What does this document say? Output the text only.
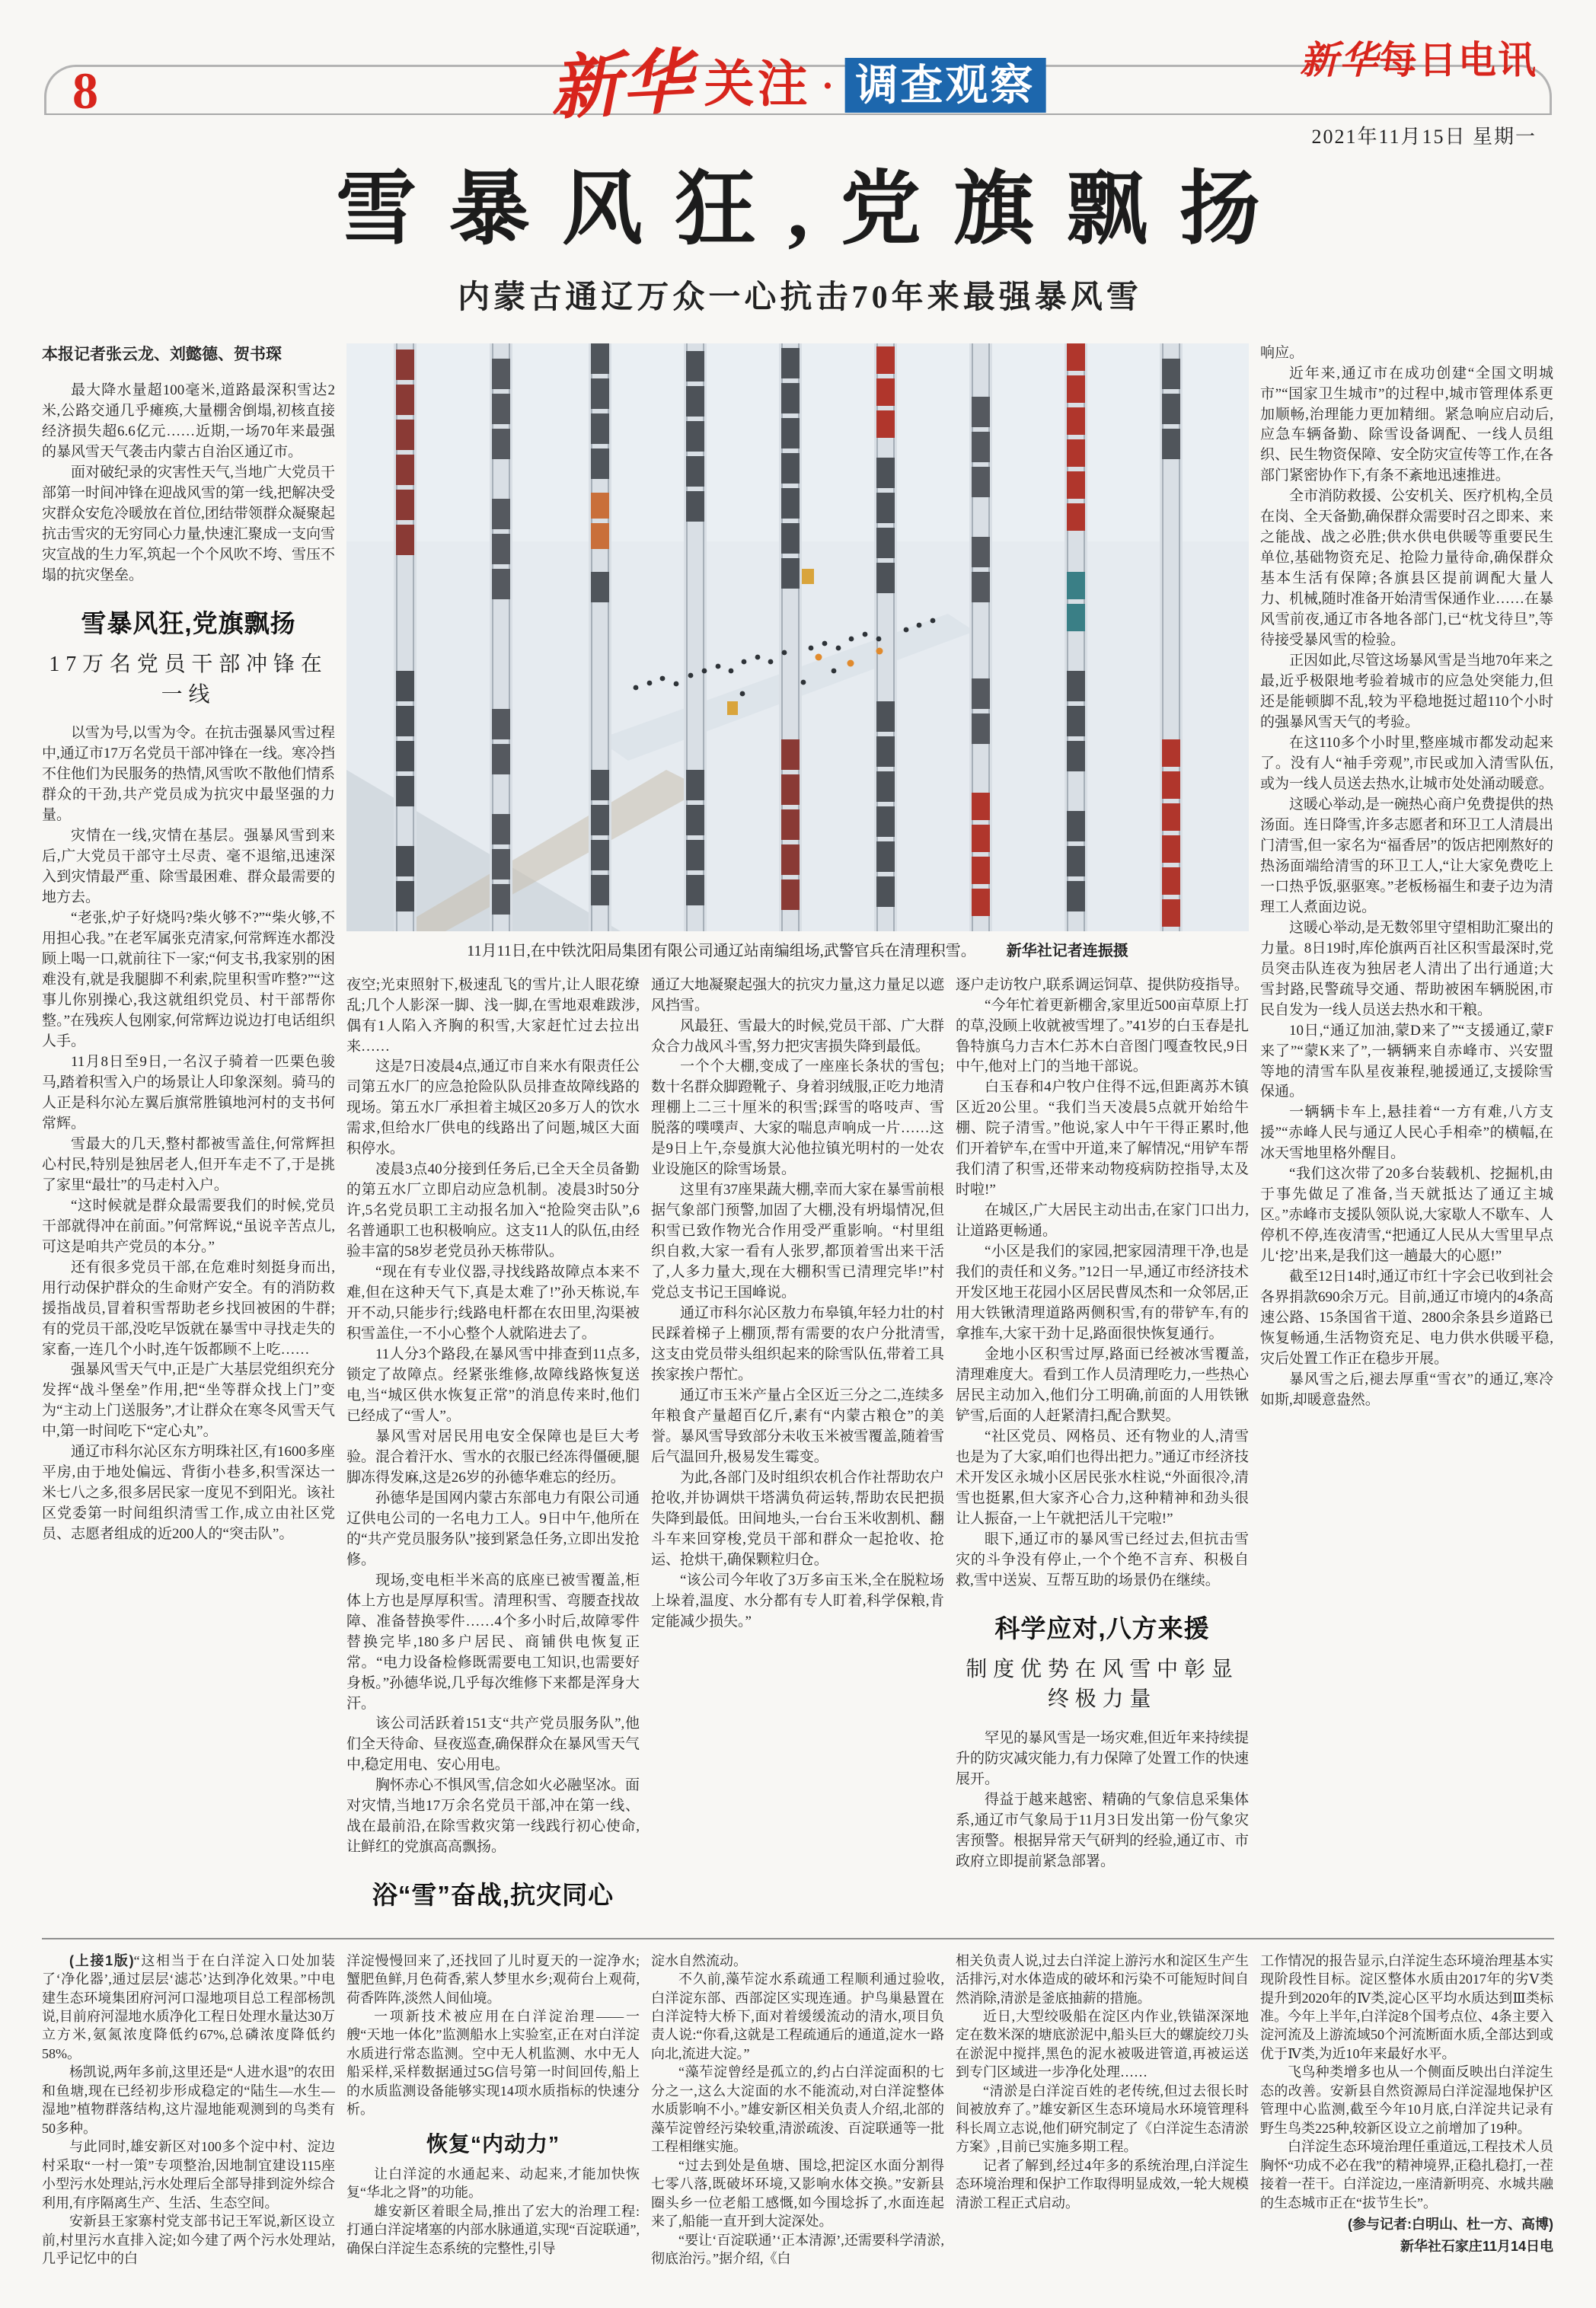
8	新华 关注 · 调查观察
新华每日电讯
2021年11月15日 星期一
雪暴风狂,党旗飘扬
内蒙古通辽万众一心抗击70年来最强暴风雪
本报记者张云龙、刘懿德、贺书琛
最大降水量超100毫米,道路最深积雪达2米,公路交通几乎瘫痪,大量棚舍倒塌,初核直接经济损失超6.6亿元……近期,一场70年来最强的暴风雪天气袭击内蒙古自治区通辽市。
面对破纪录的灾害性天气,当地广大党员干部第一时间冲锋在迎战风雪的第一线,把解决受灾群众安危冷暖放在首位,团结带领群众凝聚起抗击雪灾的无穷同心力量,快速汇聚成一支向雪灾宣战的生力军,筑起一个个风吹不垮、雪压不塌的抗灾堡垒。
雪暴风狂,党旗飘扬
17万名党员干部冲锋在一线
以雪为号,以雪为令。在抗击强暴风雪过程中,通辽市17万名党员干部冲锋在一线。寒冷挡不住他们为民服务的热情,风雪吹不散他们情系群众的干劲,共产党员成为抗灾中最坚强的力量。
灾情在一线,灾情在基层。强暴风雪到来后,广大党员干部守土尽责、毫不退缩,迅速深入到灾情最严重、除雪最困难、群众最需要的地方去。
“老张,炉子好烧吗?柴火够不?”“柴火够,不用担心我。”在老军属张克清家,何常辉连水都没顾上喝一口,就前往下一家;“何支书,我家别的困难没有,就是我腿脚不利索,院里积雪咋整?”“这事儿你别操心,我这就组织党员、村干部帮你整。”在残疾人包刚家,何常辉边说边打电话组织人手。
11月8日至9日,一名汉子骑着一匹栗色骏马,踏着积雪入户的场景让人印象深刻。骑马的人正是科尔沁左翼后旗常胜镇地河村的支书何常辉。
雪最大的几天,整村都被雪盖住,何常辉担心村民,特别是独居老人,但开车走不了,于是挑了家里“最壮”的马走村入户。
“这时候就是群众最需要我们的时候,党员干部就得冲在前面。”何常辉说,“虽说辛苦点儿,可这是咱共产党员的本分。”
还有很多党员干部,在危难时刻挺身而出,用行动保护群众的生命财产安全。有的消防救援指战员,冒着积雪帮助老乡找回被困的牛群;有的党员干部,没吃早饭就在暴雪中寻找走失的家畜,一连几个小时,连午饭都顾不上吃……
强暴风雪天气中,正是广大基层党组织充分发挥“战斗堡垒”作用,把“坐等群众找上门”变为“主动上门送服务”,才让群众在寒冬风雪天气中,第一时间吃下“定心丸”。
通辽市科尔沁区东方明珠社区,有1600多座平房,由于地处偏远、背街小巷多,积雪深达一米七八之多,很多居民家一度见不到阳光。该社区党委第一时间组织清雪工作,成立由社区党员、志愿者组成的近200人的“突击队”。
11月11日,在中铁沈阳局集团有限公司通辽站南编组场,武警官兵在清理积雪。 新华社记者连振摄
夜空;光束照射下,极速乱飞的雪片,让人眼花缭乱;几个人影深一脚、浅一脚,在雪地艰难跋涉,偶有1人陷入齐胸的积雪,大家赶忙过去拉出来……
这是7日凌晨4点,通辽市自来水有限责任公司第五水厂的应急抢险队队员排查故障线路的现场。第五水厂承担着主城区20多万人的饮水需求,但给水厂供电的线路出了问题,城区大面积停水。
凌晨3点40分接到任务后,已全天全员备勤的第五水厂立即启动应急机制。凌晨3时50分许,5名党员职工主动报名加入“抢险突击队”,6名普通职工也积极响应。这支11人的队伍,由经验丰富的58岁老党员孙天栋带队。
“现在有专业仪器,寻找线路故障点本来不难,但在这种天气下,真是太难了!”孙天栋说,车开不动,只能步行;线路电杆都在农田里,沟渠被积雪盖住,一不小心整个人就陷进去了。
11人分3个路段,在暴风雪中排查到11点多,锁定了故障点。经紧张维修,故障线路恢复送电,当“城区供水恢复正常”的消息传来时,他们已经成了“雪人”。
暴风雪对居民用电安全保障也是巨大考验。混合着汗水、雪水的衣服已经冻得僵硬,腿脚冻得发麻,这是26岁的孙德华难忘的经历。
孙德华是国网内蒙古东部电力有限公司通辽供电公司的一名电力工人。9日中午,他所在的“共产党员服务队”接到紧急任务,立即出发抢修。
现场,变电柜半米高的底座已被雪覆盖,柜体上方也是厚厚积雪。清理积雪、弯腰查找故障、准备替换零件……4个多小时后,故障零件替换完毕,180多户居民、商铺供电恢复正常。“电力设备检修既需要电工知识,也需要好身板。”孙德华说,几乎每次维修下来都是浑身大汗。
该公司活跃着151支“共产党员服务队”,他们全天待命、昼夜巡查,确保群众在暴风雪天气中,稳定用电、安心用电。
胸怀赤心不惧风雪,信念如火必融坚冰。面对灾情,当地17万余名党员干部,冲在第一线、战在最前沿,在除雪救灾第一线践行初心使命,让鲜红的党旗高高飘扬。
浴“雪”奋战,抗灾同心
通辽大地凝聚起强大的抗灾力量,这力量足以遮风挡雪。
风最狂、雪最大的时候,党员干部、广大群众合力战风斗雪,努力把灾害损失降到最低。
一个个大棚,变成了一座座长条状的雪包;数十名群众脚蹬靴子、身着羽绒服,正吃力地清理棚上二三十厘米的积雪;踩雪的咯吱声、雪脱落的噗噗声、大家的喘息声响成一片……这是9日上午,奈曼旗大沁他拉镇光明村的一处农业设施区的除雪场景。
这里有37座果蔬大棚,幸而大家在暴雪前根据气象部门预警,加固了大棚,没有坍塌情况,但积雪已致作物光合作用受严重影响。“村里组织自救,大家一看有人张罗,都顶着雪出来干活了,人多力量大,现在大棚积雪已清理完毕!”村党总支书记王国峰说。
通辽市科尔沁区敖力布皋镇,年轻力壮的村民踩着梯子上棚顶,帮有需要的农户分批清雪,这支由党员带头组织起来的除雪队伍,带着工具挨家挨户帮忙。
通辽市玉米产量占全区近三分之二,连续多年粮食产量超百亿斤,素有“内蒙古粮仓”的美誉。暴风雪导致部分未收玉米被雪覆盖,随着雪后气温回升,极易发生霉变。
为此,各部门及时组织农机合作社帮助农户抢收,并协调烘干塔满负荷运转,帮助农民把损失降到最低。田间地头,一台台玉米收割机、翻斗车来回穿梭,党员干部和群众一起抢收、抢运、抢烘干,确保颗粒归仓。
“该公司今年收了3万多亩玉米,全在脱粒场上垛着,温度、水分都有专人盯着,科学保粮,肯定能减少损失。”
逐户走访牧户,联系调运饲草、提供防疫指导。
“今年忙着更新棚舍,家里近500亩草原上打的草,没顾上收就被雪埋了。”41岁的白玉春是扎鲁特旗乌力吉木仁苏木白音图门嘎查牧民,9日中午,他对上门的当地干部说。
白玉春和4户牧户住得不远,但距离苏木镇区近20公里。“我们当天凌晨5点就开始给牛棚、院子清雪。”他说,家人中午干得正累时,他们开着铲车,在雪中开道,来了解情况,“用铲车帮我们清了积雪,还带来动物疫病防控指导,太及时啦!”
在城区,广大居民主动出击,在家门口出力,让道路更畅通。
“小区是我们的家园,把家园清理干净,也是我们的责任和义务。”12日一早,通辽市经济技术开发区地王花园小区居民曹凤杰和一众邻居,正用大铁锹清理道路两侧积雪,有的带铲车,有的拿推车,大家干劲十足,路面很快恢复通行。
金地小区积雪过厚,路面已经被冰雪覆盖,清理难度大。看到工作人员清理吃力,一些热心居民主动加入,他们分工明确,前面的人用铁锹铲雪,后面的人赶紧清扫,配合默契。
“社区党员、网格员、还有物业的人,清雪也是为了大家,咱们也得出把力。”通辽市经济技术开发区永城小区居民张水柱说,“外面很冷,清雪也挺累,但大家齐心合力,这种精神和劲头很让人振奋,一上午就把活儿干完啦!”
眼下,通辽市的暴风雪已经过去,但抗击雪灾的斗争没有停止,一个个绝不言弃、积极自救,雪中送炭、互帮互助的场景仍在继续。
科学应对,八方来援
制度优势在风雪中彰显终极力量
罕见的暴风雪是一场灾难,但近年来持续提升的防灾减灾能力,有力保障了处置工作的快速展开。
得益于越来越密、精确的气象信息采集体系,通辽市气象局于11月3日发出第一份气象灾害预警。根据异常天气研判的经验,通辽市、市政府立即提前紧急部署。
响应。
近年来,通辽市在成功创建“全国文明城市”“国家卫生城市”的过程中,城市管理体系更加顺畅,治理能力更加精细。紧急响应启动后,应急车辆备勤、除雪设备调配、一线人员组织、民生物资保障、安全防灾宣传等工作,在各部门紧密协作下,有条不紊地迅速推进。
全市消防救援、公安机关、医疗机构,全员在岗、全天备勤,确保群众需要时召之即来、来之能战、战之必胜;供水供电供暖等重要民生单位,基础物资充足、抢险力量待命,确保群众基本生活有保障;各旗县区提前调配大量人力、机械,随时准备开始清雪保通作业……在暴风雪前夜,通辽市各地各部门,已“枕戈待旦”,等待接受暴风雪的检验。
正因如此,尽管这场暴风雪是当地70年来之最,近乎极限地考验着城市的应急处突能力,但还是能顿脚不乱,较为平稳地挺过超110个小时的强暴风雪天气的考验。
在这110多个小时里,整座城市都发动起来了。没有人“袖手旁观”,市民或加入清雪队伍,或为一线人员送去热水,让城市处处涌动暖意。
这暖心举动,是一碗热心商户免费提供的热汤面。连日降雪,许多志愿者和环卫工人清晨出门清雪,但一家名为“福香居”的饭店把刚熬好的热汤面端给清雪的环卫工人,“让大家免费吃上一口热乎饭,驱驱寒。”老板杨福生和妻子边为清理工人煮面边说。
这暖心举动,是无数邻里守望相助汇聚出的力量。8日19时,库伦旗两百社区积雪最深时,党员突击队连夜为独居老人清出了出行通道;大雪封路,民警疏导交通、帮助被困车辆脱困,市民自发为一线人员送去热水和干粮。
10日,“通辽加油,蒙D来了”“支援通辽,蒙F来了”“蒙K来了”,一辆辆来自赤峰市、兴安盟等地的清雪车队星夜兼程,驰援通辽,支援除雪保通。
一辆辆卡车上,悬挂着“一方有难,八方支援”“赤峰人民与通辽人民心手相牵”的横幅,在冰天雪地里格外醒目。
“我们这次带了20多台装载机、挖掘机,由于事先做足了准备,当天就抵达了通辽主城区。”赤峰市支援队领队说,大家歇人不歇车、人停机不停,连夜清雪,“把通辽人民从大雪里早点儿‘挖’出来,是我们这一趟最大的心愿!”
截至12日14时,通辽市红十字会已收到社会各界捐款690余万元。目前,通辽市境内的4条高速公路、15条国省干道、2800余条县乡道路已恢复畅通,生活物资充足、电力供水供暖平稳,灾后处置工作正在稳步开展。
暴风雪之后,褪去厚重“雪衣”的通辽,寒冷如斯,却暖意盎然。
(上接1版)“这相当于在白洋淀入口处加装了‘净化器’,通过层层‘滤芯’达到净化效果。”中电建生态环境集团府河河口湿地项目总工程部杨凯说,目前府河湿地水质净化工程日处理水量达30万立方米,氨氮浓度降低约67%,总磷浓度降低约58%。
杨凯说,两年多前,这里还是“人进水退”的农田和鱼塘,现在已经初步形成稳定的“陆生—水生—湿地”植物群落结构,这片湿地能观测到的鸟类有50多种。
与此同时,雄安新区对100多个淀中村、淀边村采取“一村一策”专项整治,因地制宜建设115座小型污水处理站,污水处理后全部导排到淀外综合利用,有序隔离生产、生活、生态空间。
安新县王家寨村党支部书记王军说,新区设立前,村里污水直排入淀;如今建了两个污水处理站,几乎记忆中的白
洋淀慢慢回来了,还找回了儿时夏天的一淀净水;蟹肥鱼鲜,月色荷香,萦人梦里水乡;观荷台上观荷,荷香阵阵,淡然人间仙境。
一项新技术被应用在白洋淀治理——一艘“天地一体化”监测船水上实验室,正在对白洋淀水质进行常态监测。空中无人机监测、水中无人船采样,采样数据通过5G信号第一时间回传,船上的水质监测设备能够实现14项水质指标的快速分析。
恢复“内动力”
让白洋淀的水通起来、动起来,才能加快恢复“华北之肾”的功能。
雄安新区着眼全局,推出了宏大的治理工程:打通白洋淀堵塞的内部水脉通道,实现“百淀联通”,确保白洋淀生态系统的完整性,引导
淀水自然流动。
不久前,藻苲淀水系疏通工程顺利通过验收,白洋淀东部、西部淀区实现连通。护鸟巢悬置在白洋淀特大桥下,面对着缓缓流动的清水,项目负责人说:“你看,这就是工程疏通后的通道,淀水一路向北,流进大淀。”
“藻苲淀曾经是孤立的,约占白洋淀面积的七分之一,这么大淀面的水不能流动,对白洋淀整体水质影响不小。”雄安新区相关负责人介绍,北部的藻苲淀曾经污染较重,清淤疏浚、百淀联通等一批工程相继实施。
“过去到处是鱼塘、围埝,把淀区水面分割得七零八落,既破坏环境,又影响水体交换。”安新县圈头乡一位老船工感慨,如今围埝拆了,水面连起来了,船能一直开到大淀深处。
“要让‘百淀联通’‘正本清源’,还需要科学清淤,彻底治污。”据介绍,《白
相关负责人说,过去白洋淀上游污水和淀区生产生活排污,对水体造成的破坏和污染不可能短时间自然消除,清淤是釜底抽薪的措施。
近日,大型绞吸船在淀区内作业,铁锚深深地定在数米深的塘底淤泥中,船头巨大的螺旋绞刀头在淤泥中搅拌,黑色的泥水被吸进管道,再被运送到专门区域进一步净化处理……
“清淤是白洋淀百姓的老传统,但过去很长时间被放弃了。”雄安新区生态环境局水环境管理科科长周立志说,他们研究制定了《白洋淀生态清淤方案》,目前已实施多期工程。
记者了解到,经过4年多的系统治理,白洋淀生态环境治理和保护工作取得明显成效,一轮大规模清淤工程正式启动。
工作情况的报告显示,白洋淀生态环境治理基本实现阶段性目标。淀区整体水质由2017年的劣Ⅴ类提升到2020年的Ⅳ类,淀心区平均水质达到Ⅲ类标准。今年上半年,白洋淀8个国考点位、4条主要入淀河流及上游流域50个河流断面水质,全部达到或优于Ⅳ类,为近10年来最好水平。
飞鸟种类增多也从一个侧面反映出白洋淀生态的改善。安新县自然资源局白洋淀湿地保护区管理中心监测,截至今年10月底,白洋淀共记录有野生鸟类225种,较新区设立之前增加了19种。
白洋淀生态环境治理任重道远,工程技术人员胸怀“功成不必在我”的精神境界,正稳扎稳打,一茬接着一茬干。白洋淀边,一座清新明亮、水城共融的生态城市正在“拔节生长”。
(参与记者:白明山、杜一方、高博)
新华社石家庄11月14日电
